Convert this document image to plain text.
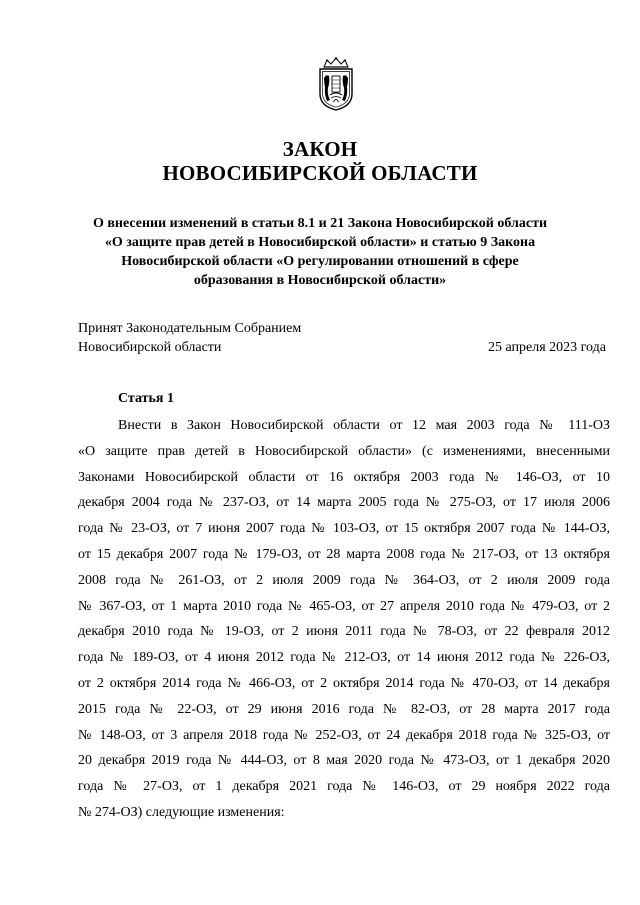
ЗАКОН
НОВОСИБИРСКОЙ ОБЛАСТИ
О внесении изменений в статьи 8.1 и 21 Закона Новосибирской области
«О защите прав детей в Новосибирской области» и статью 9 Закона
Новосибирской области «О регулировании отношений в сфере
образования в Новосибирской области»
Принят Законодательным Собранием
Новосибирской области	25 апреля 2023 года
Статья 1
Внести в Закон Новосибирской области от 12 мая 2003 года № 111-ОЗ
«О защите прав детей в Новосибирской области» (с изменениями, внесенными
Законами Новосибирской области от 16 октября 2003 года № 146-ОЗ, от 10
декабря 2004 года № 237-ОЗ, от 14 марта 2005 года № 275-ОЗ, от 17 июля 2006
года № 23-ОЗ, от 7 июня 2007 года № 103-ОЗ, от 15 октября 2007 года № 144-ОЗ,
от 15 декабря 2007 года № 179-ОЗ, от 28 марта 2008 года № 217-ОЗ, от 13 октября
2008 года № 261-ОЗ, от 2 июля 2009 года № 364-ОЗ, от 2 июля 2009 года
№ 367-ОЗ, от 1 марта 2010 года № 465-ОЗ, от 27 апреля 2010 года № 479-ОЗ, от 2
декабря 2010 года № 19-ОЗ, от 2 июня 2011 года № 78-ОЗ, от 22 февраля 2012
года № 189-ОЗ, от 4 июня 2012 года № 212-ОЗ, от 14 июня 2012 года № 226-ОЗ,
от 2 октября 2014 года № 466-ОЗ, от 2 октября 2014 года № 470-ОЗ, от 14 декабря
2015 года № 22-ОЗ, от 29 июня 2016 года № 82-ОЗ, от 28 марта 2017 года
№ 148-ОЗ, от 3 апреля 2018 года № 252-ОЗ, от 24 декабря 2018 года № 325-ОЗ, от
20 декабря 2019 года № 444-ОЗ, от 8 мая 2020 года № 473-ОЗ, от 1 декабря 2020
года № 27-ОЗ, от 1 декабря 2021 года № 146-ОЗ, от 29 ноября 2022 года
№ 274-ОЗ) следующие изменения:
